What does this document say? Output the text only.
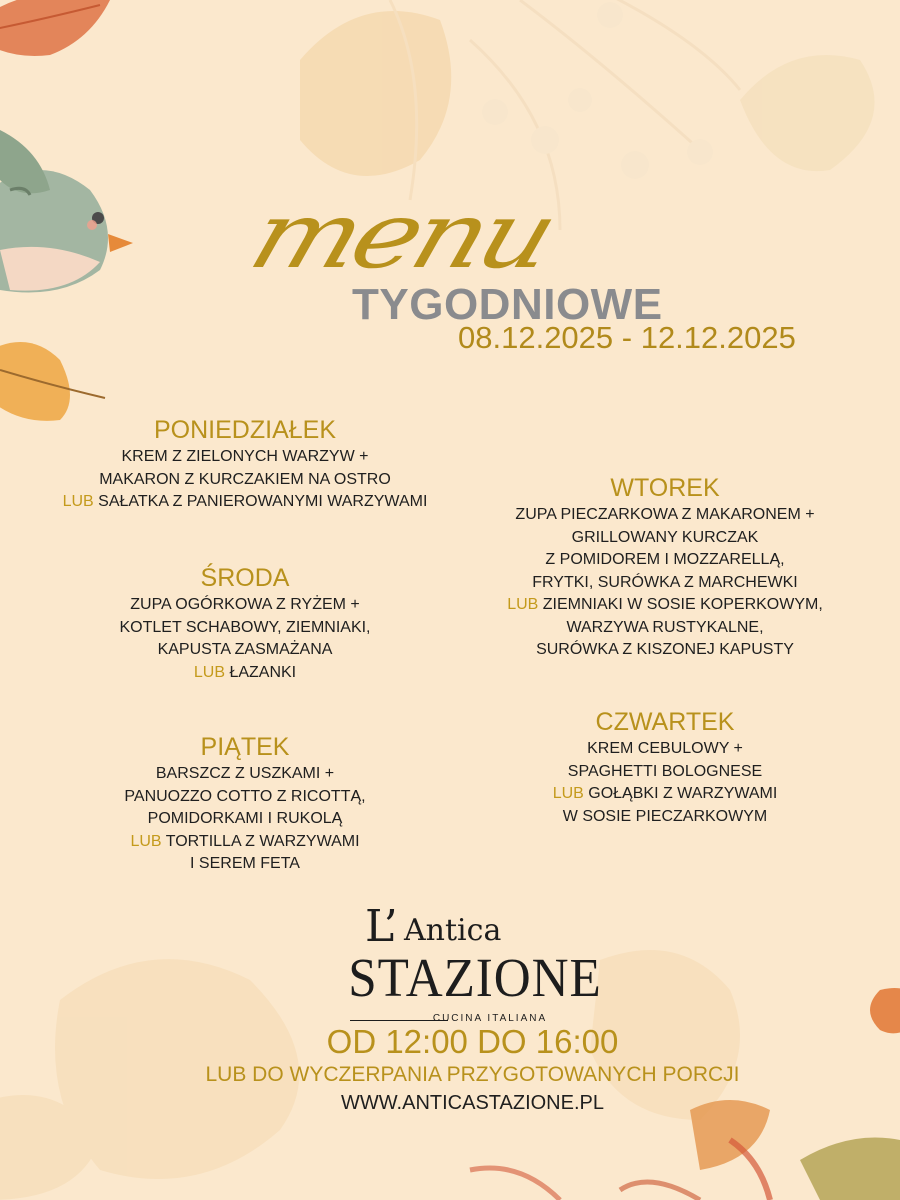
menu
TYGODNIOWE
08.12.2025 - 12.12.2025
PONIEDZIAŁEK
KREM Z ZIELONYCH WARZYW +
MAKARON Z KURCZAKIEM NA OSTRO
LUB SAŁATKA Z PANIEROWANYMI WARZYWAMI
ŚRODA
ZUPA OGÓRKOWA Z RYŻEM +
KOTLET SCHABOWY, ZIEMNIAKI,
KAPUSTA ZASMAŻANA
LUB ŁAZANKI
PIĄTEK
BARSZCZ Z USZKAMI +
PANUOZZO COTTO Z RICOTTĄ,
POMIDORKAMI I RUKOLĄ
LUB TORTILLA Z WARZYWAMI
I SEREM FETA
WTOREK
ZUPA PIECZARKOWA Z MAKARONEM +
GRILLOWANY KURCZAK
Z POMIDOREM I MOZZARELLĄ,
FRYTKI, SURÓWKA Z MARCHEWKI
LUB ZIEMNIAKI W SOSIE KOPERKOWYM,
WARZYWA RUSTYKALNE,
SURÓWKA Z KISZONEJ KAPUSTY
CZWARTEK
KREM CEBULOWY +
SPAGHETTI BOLOGNESE
LUB GOŁĄBKI Z WARZYWAMI
W SOSIE PIECZARKOWYM
L’ Antica
STAZIONE
CUCINA ITALIANA
OD 12:00 DO 16:00
LUB DO WYCZERPANIA PRZYGOTOWANYCH PORCJI
WWW.ANTICASTAZIONE.PL
